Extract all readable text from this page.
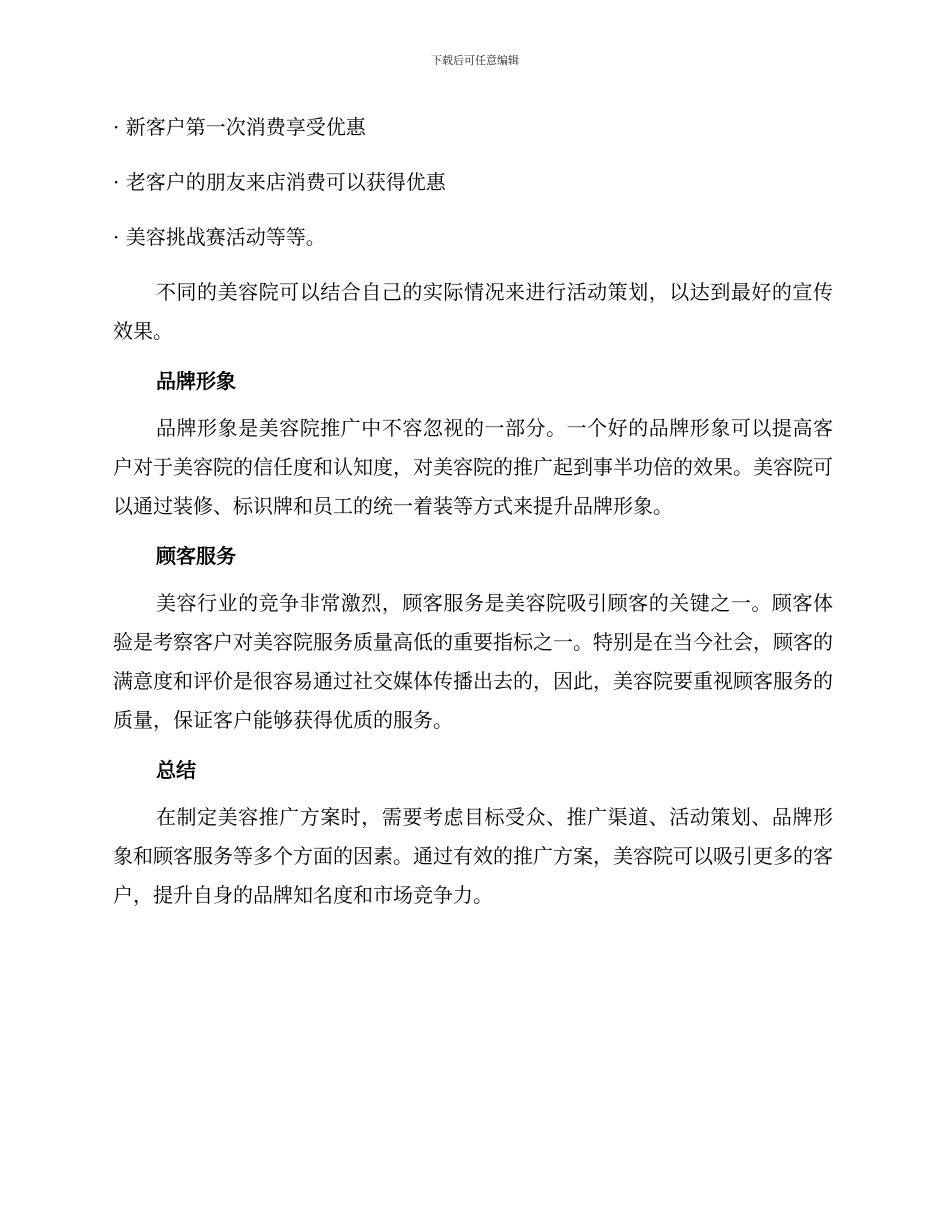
下载后可任意编辑
· 新客户第一次消费享受优惠
· 老客户的朋友来店消费可以获得优惠
· 美容挑战赛活动等等。

不同的美容院可以结合自己的实际情况来进行活动策划，以达到最好的宣传效果。

品牌形象

品牌形象是美容院推广中不容忽视的一部分。一个好的品牌形象可以提高客户对于美容院的信任度和认知度，对美容院的推广起到事半功倍的效果。美容院可以通过装修、标识牌和员工的统一着装等方式来提升品牌形象。

顾客服务

美容行业的竞争非常激烈，顾客服务是美容院吸引顾客的关键之一。顾客体验是考察客户对美容院服务质量高低的重要指标之一。特别是在当今社会，顾客的满意度和评价是很容易通过社交媒体传播出去的，因此，美容院要重视顾客服务的质量，保证客户能够获得优质的服务。

总结

在制定美容推广方案时，需要考虑目标受众、推广渠道、活动策划、品牌形象和顾客服务等多个方面的因素。通过有效的推广方案，美容院可以吸引更多的客户，提升自身的品牌知名度和市场竞争力。
